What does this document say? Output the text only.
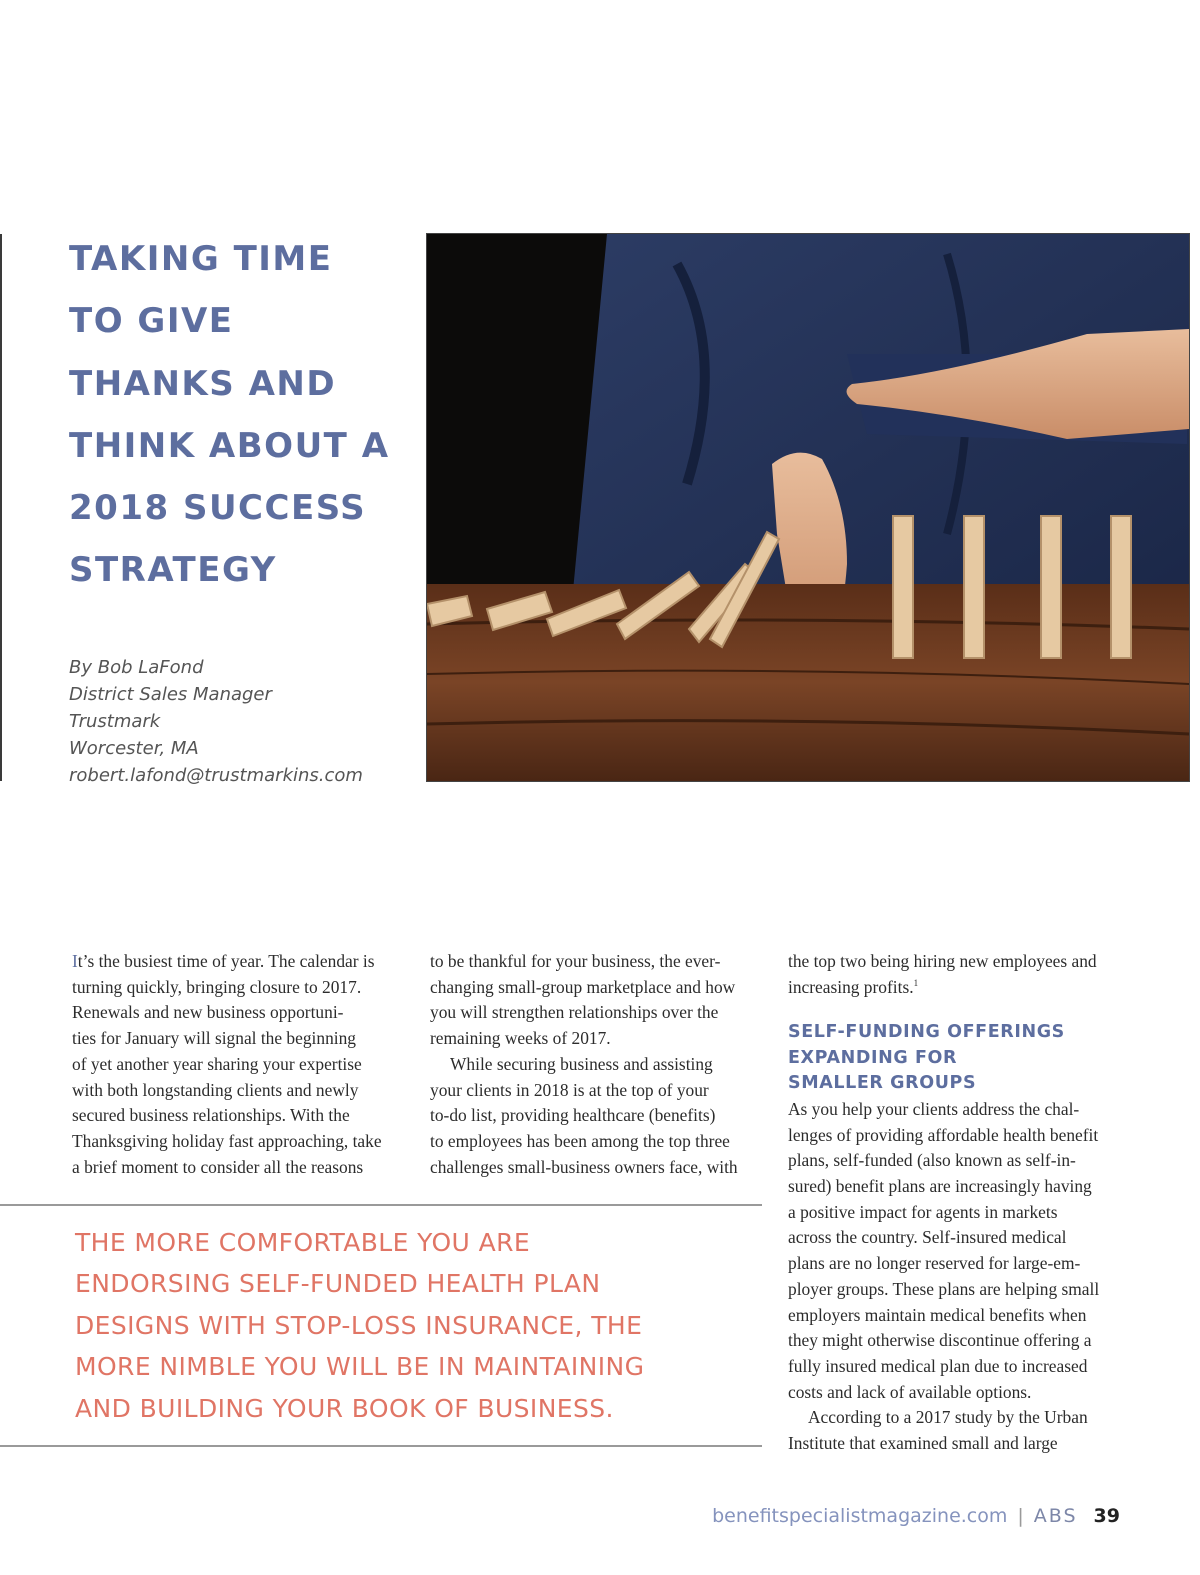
TAKING TIME
TO GIVE
THANKS AND
THINK ABOUT A
2018 SUCCESS
STRATEGY
By Bob LaFond
District Sales Manager
Trustmark
Worcester, MA
robert.lafond@trustmarkins.com

It’s the busiest time of year. The calendar is
turning quickly, bringing closure to 2017.
Renewals and new business opportuni-
ties for January will signal the beginning
of yet another year sharing your expertise
with both longstanding clients and newly
secured business relationships. With the
Thanksgiving holiday fast approaching, take
a brief moment to consider all the reasons

to be thankful for your business, the ever-
changing small-group marketplace and how
you will strengthen relationships over the
remaining weeks of 2017.

While securing business and assisting
your clients in 2018 is at the top of your
to-do list, providing healthcare (benefits)
to employees has been among the top three
challenges small-business owners face, with

the top two being hiring new employees and
increasing profits.$^1$

SELF-FUNDING OFFERINGS
EXPANDING FOR
SMALLER GROUPS

As you help your clients address the chal-
lenges of providing affordable health benefit
plans, self-funded (also known as self-in-
sured) benefit plans are increasingly having
a positive impact for agents in markets
across the country. Self-insured medical
plans are no longer reserved for large-em-
ployer groups. These plans are helping small
employers maintain medical benefits when
they might otherwise discontinue offering a
fully insured medical plan due to increased
costs and lack of available options.

According to a 2017 study by the Urban
Institute that examined small and large

THE MORE COMFORTABLE YOU ARE
ENDORSING SELF-FUNDED HEALTH PLAN
DESIGNS WITH STOP-LOSS INSURANCE, THE
MORE NIMBLE YOU WILL BE IN MAINTAINING
AND BUILDING YOUR BOOK OF BUSINESS.
benefitspecialistmagazine.com | ABS 39
